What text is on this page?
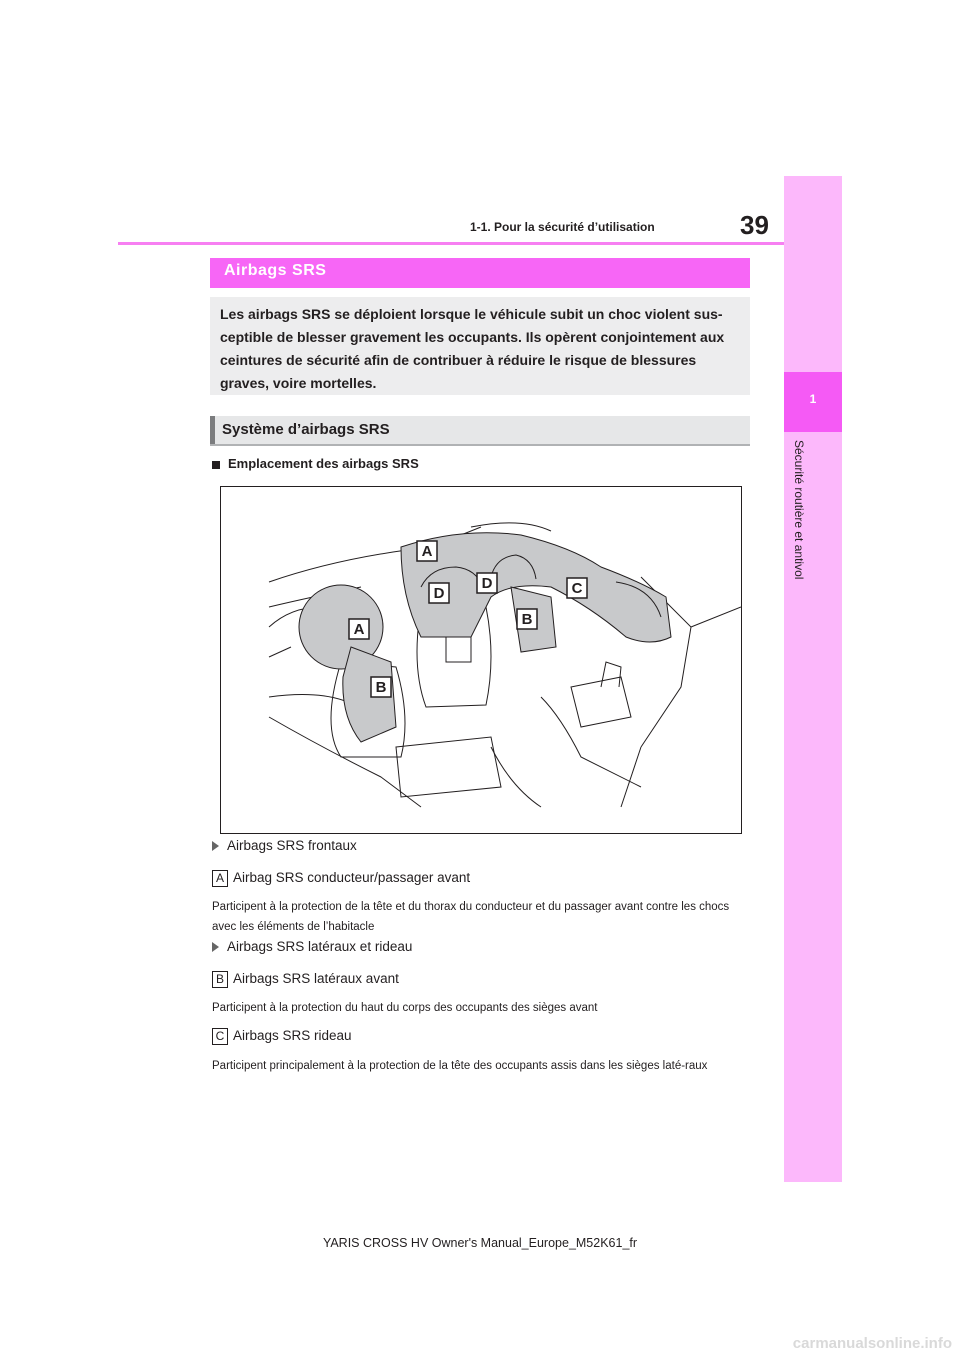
39
1-1. Pour la sécurité d’utilisation
1
Sécurité routière et antivol
Airbags SRS
Les airbags SRS se déploient lorsque le véhicule subit un choc violent sus-ceptible de blesser gravement les occupants. Ils opèrent conjointement aux ceintures de sécurité afin de contribuer à réduire le risque de blessures graves, voire mortelles.
Système d’airbags SRS
Emplacement des airbags SRS
A
A
B
B
C
D
D
Airbags SRS frontaux
A Airbag SRS conducteur/passager avant
Participent à la protection de la tête et du thorax du conducteur et du passager avant contre les chocs avec les éléments de l’habitacle
Airbags SRS latéraux et rideau
B Airbags SRS latéraux avant
Participent à la protection du haut du corps des occupants des sièges avant
C Airbags SRS rideau
Participent principalement à la protection de la tête des occupants assis dans les sièges laté-raux
YARIS CROSS HV Owner's Manual_Europe_M52K61_fr
carmanualsonline.info
